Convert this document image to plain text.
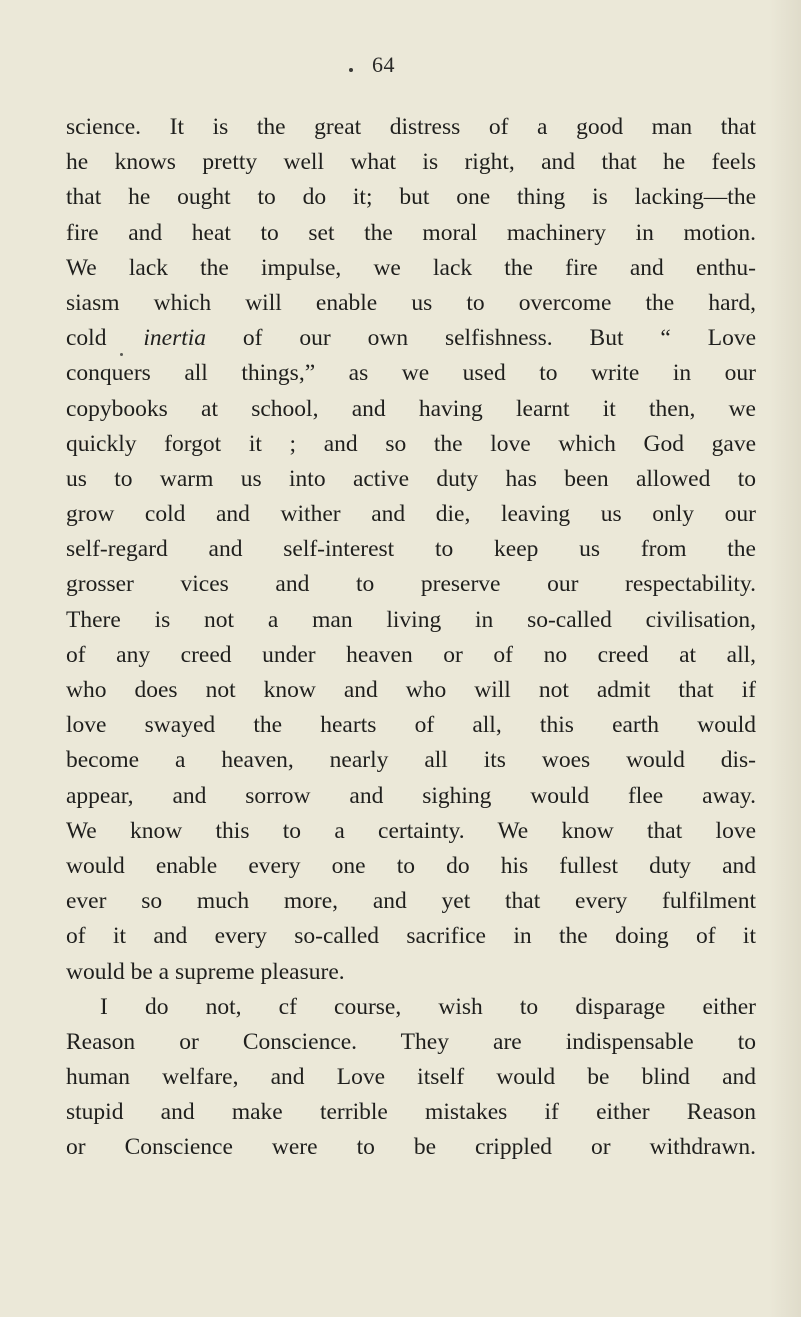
64
science. It is the great distress of a good man that
he knows pretty well what is right, and that he feels
that he ought to do it; but one thing is lacking—the
fire and heat to set the moral machinery in motion.
We lack the impulse, we lack the fire and enthu-
siasm which will enable us to overcome the hard,
cold inertia of our own selfishness. But “ Love
conquers all things,” as we used to write in our
copybooks at school, and having learnt it then, we
quickly forgot it ; and so the love which God gave
us to warm us into active duty has been allowed to
grow cold and wither and die, leaving us only our
self-regard and self-interest to keep us from the
grosser vices and to preserve our respectability.
There is not a man living in so-called civilisation,
of any creed under heaven or of no creed at all,
who does not know and who will not admit that if
love swayed the hearts of all, this earth would
become a heaven, nearly all its woes would dis-
appear, and sorrow and sighing would flee away.
We know this to a certainty. We know that love
would enable every one to do his fullest duty and
ever so much more, and yet that every fulfilment
of it and every so-called sacrifice in the doing of it
would be a supreme pleasure.
I do not, cf course, wish to disparage either
Reason or Conscience. They are indispensable to
human welfare, and Love itself would be blind and
stupid and make terrible mistakes if either Reason
or Conscience were to be crippled or withdrawn.
